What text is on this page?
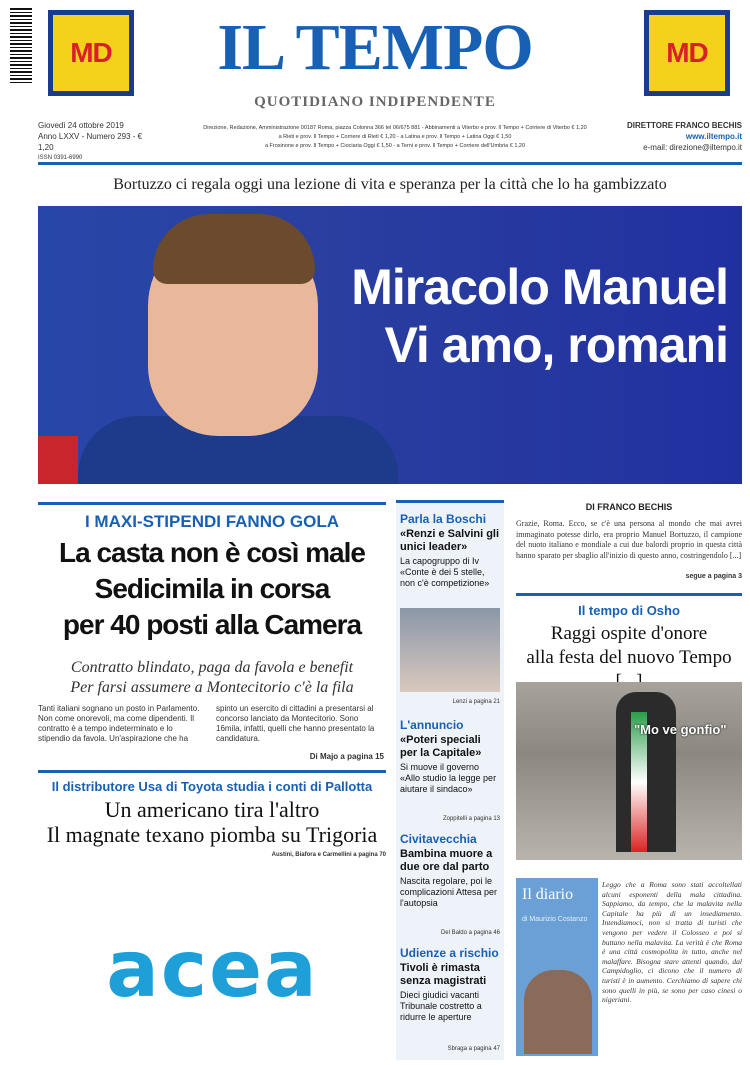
MD	MD
IL TEMPO
QUOTIDIANO INDIPENDENTE
Giovedì 24 ottobre 2019
Anno LXXV - Numero 293 - € 1,20
ISSN 0391-6990
Direzione, Redazione, Amministrazione 00187 Roma, piazza Colonna 366 tel 06/675 881 - Abbinamenti a Viterbo e prov. Il Tempo + Corriere di Viterbo € 1,20
a Rieti e prov. Il Tempo + Corriere di Rieti € 1,20 - a Latina e prov. Il Tempo + Latina Oggi € 1,50
a Frosinone e prov. Il Tempo + Ciociaria Oggi € 1,50 - a Terni e prov. Il Tempo + Corriere dell'Umbria € 1,20
DIRETTORE FRANCO BECHIS
www.iltempo.it
e-mail: direzione@iltempo.it
Bortuzzo ci regala oggi una lezione di vita e speranza per la città che lo ha gambizzato
Miracolo Manuel
Vi amo, romani
I MAXI-STIPENDI FANNO GOLA
La casta non è così male
Sedicimila in corsa
per 40 posti alla Camera
Contratto blindato, paga da favola e benefit
Per farsi assumere a Montecitorio c'è la fila
Tanti italiani sognano un posto in Parlamento. Non come onorevoli, ma come dipendenti. Il contratto è a tempo indeterminato e lo stipendio da favola. Un'aspirazione che ha
spinto un esercito di cittadini a presentarsi al concorso lanciato da Montecitorio. Sono 16mila, infatti, quelli che hanno presentato la candidatura.
Di Majo a pagina 15
Il distributore Usa di Toyota studia i conti di Pallotta
Un americano tira l'altro
Il magnate texano piomba su Trigoria
Austini, Biafora e Carmellini a pagina 70
acea
Parla la Boschi
«Renzi e Salvini gli unici leader»
La capogruppo di Iv «Conte è dei 5 stelle, non c'è competizione»
Lenzi a pagina 21
L'annuncio
«Poteri speciali per la Capitale»
Si muove il governo «Allo studio la legge per aiutare il sindaco»
Zoppitelli a pagina 13
Civitavecchia
Bambina muore a due ore dal parto
Nascita regolare, poi le complicazioni Attesa per l'autopsia
Del Baldo a pagina 46
Udienze a rischio
Tivoli è rimasta senza magistrati
Dieci giudici vacanti Tribunale costretto a ridurre le aperture
Sbraga a pagina 47
DI FRANCO BECHIS
Grazie, Roma. Ecco, se c'è una persona al mondo che mai avrei immaginato potesse dirlo, era proprio Manuel Bortuzzo, il campione del nuoto italiano e mondiale a cui due balordi proprio in questa città hanno sparato per sbaglio all'inizio di questo anno, costringendolo [...]
segue a pagina 3
Il tempo di Osho
Raggi ospite d'onore
alla festa del nuovo Tempo
"Mo ve gonfio"
Il diario
di Maurizio Costanzo
Leggo che a Roma sono stati accoltellati alcuni esponenti della mala cittadina. Sappiamo, da tempo, che la malavita nella Capitale ha più di un insediamento. Intendiamoci, non si tratta di turisti che vengono per vedere il Colosseo e poi si buttano nella malavita. La verità è che Roma è una città cosmopolita in tutto, anche nel malaffare. Bisogna stare attenti quando, dal Campidoglio, ci dicono che il numero di turisti è in aumento. Cerchiamo di sapere chi sono quelli in più, se sono per caso cinesi o nigeriani.
